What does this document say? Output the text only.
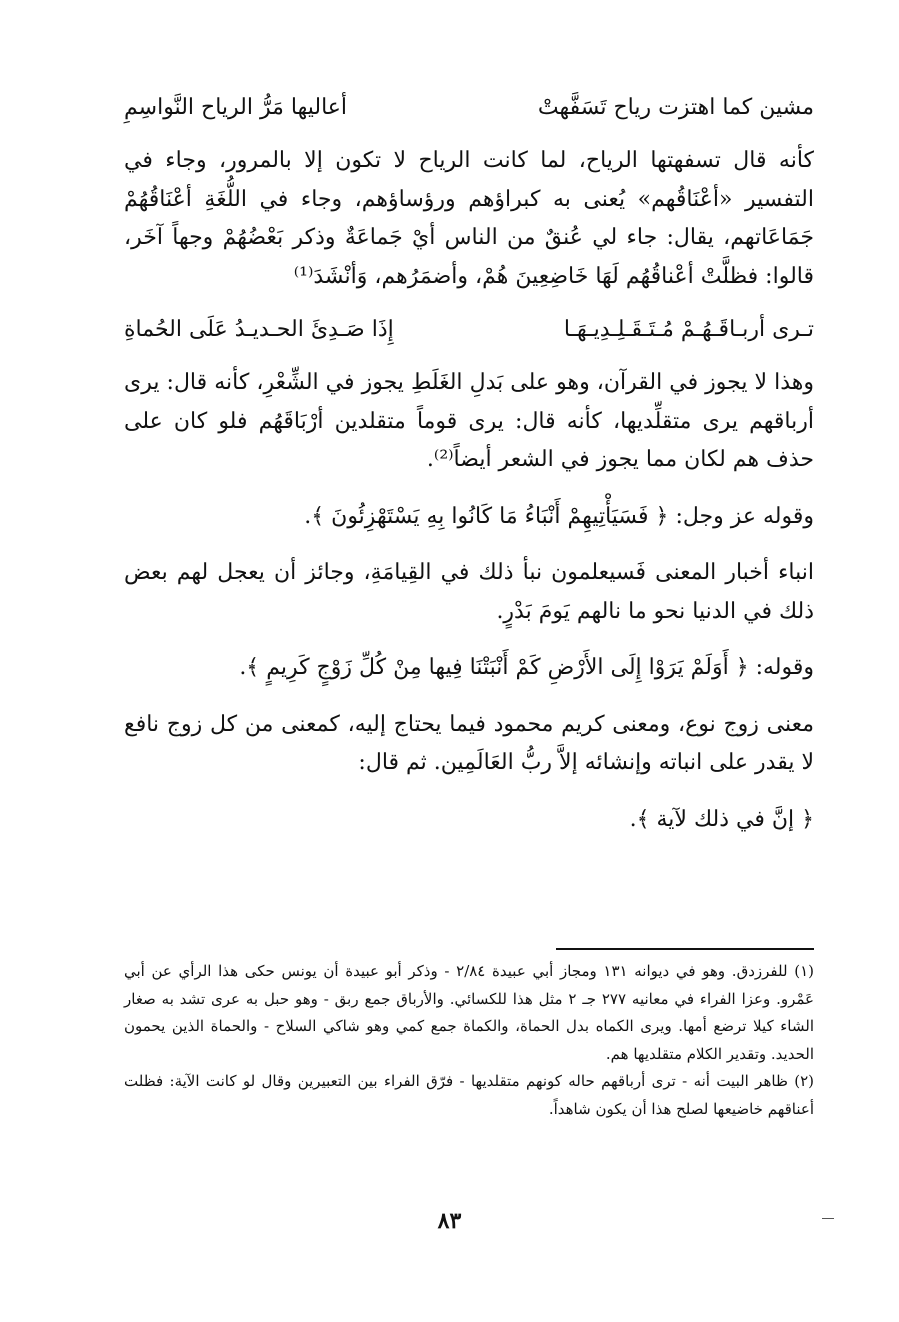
مشين كما اهتزت رياح تَسَفَّهتْ
أعاليها مَرُّ الرياح النَّواسِمِ

كأنه قال تسفهتها الرياح، لما كانت الرياح لا تكون إلا بالمرور، وجاء في التفسير «أعْنَاقُهم» يُعنى به كبراؤهم ورؤساؤهم، وجاء في اللُّغَةِ أعْنَاقُهُمْ جَمَاعَاتهم، يقال: جاء لي عُنقٌ من الناس أيْ جَماعَةٌ وذكر بَعْضُهُمْ وجهاً آخَر، قالوا: فظلَّتْ أعْناقُهُم لَهَا خَاضِعِينَ هُمْ، وأضمَرُهم، وَأنْشَدَ⁽¹⁾

تـرى أربـاقَـهُـمْ مُـتَـقَـلِـدِيـهَـا
إِذَا صَـدِئَ الحـديـدُ عَلَى الحُماةِ

وهذا لا يجوز في القرآن، وهو على بَدلِ الغَلَطِ يجوز في الشِّعْرِ، كأنه قال: يرى أرباقهم يرى متقلِّديها، كأنه قال: يرى قوماً متقلدين أرْبَاقَهُم فلو كان على حذف هم لكان مما يجوز في الشعر أيضاً⁽²⁾.

وقوله عز وجل: ﴿ فَسَيَأْتِيهِمْ أَنْبَاءُ مَا كَانُوا بِهِ يَسْتَهْزِئُونَ ﴾.

انباء أخبار المعنى فَسيعلمون نبأ ذلك في القِيامَةِ، وجائز أن يعجل لهم بعض ذلك في الدنيا نحو ما نالهم يَومَ بَدْرٍ.

وقوله: ﴿ أَوَلَمْ يَرَوْا إِلَى الأَرْضِ كَمْ أَنْبَتْنَا فِيها مِنْ كُلِّ زَوْجٍ كَرِيمٍ ﴾.

معنى زوج نوع، ومعنى كريم محمود فيما يحتاج إليه، كمعنى من كل زوج نافع لا يقدر على انباته وإنشائه إلاَّ ربُّ العَالَمِين. ثم قال:

﴿ إنَّ في ذلك لآية ﴾.

(١) للفرزدق. وهو في ديوانه ١٣١ ومجاز أبي عبيدة ٢/٨٤ - وذكر أبو عبيدة أن يونس حكى هذا الرأي عن أبي عَمْرو. وعزا الفراء في معانيه ٢٧٧ جـ ٢ مثل هذا للكسائي. والأرباق جمع ربق - وهو حبل به عرى تشد به صغار الشاء كيلا ترضع أمها. ويرى الكماه بدل الحماة، والكماة جمع كمي وهو شاكي السلاح - والحماة الذين يحمون الحديد. وتقدير الكلام متقلديها هم.

(٢) ظاهر البيت أنه - ترى أرباقهم حاله كونهم متقلديها - فرّق الفراء بين التعبيرين وقال لو كانت الآية: فظلت أعناقهم خاضيعها لصلح هذا أن يكون شاهداً.

٨٣
